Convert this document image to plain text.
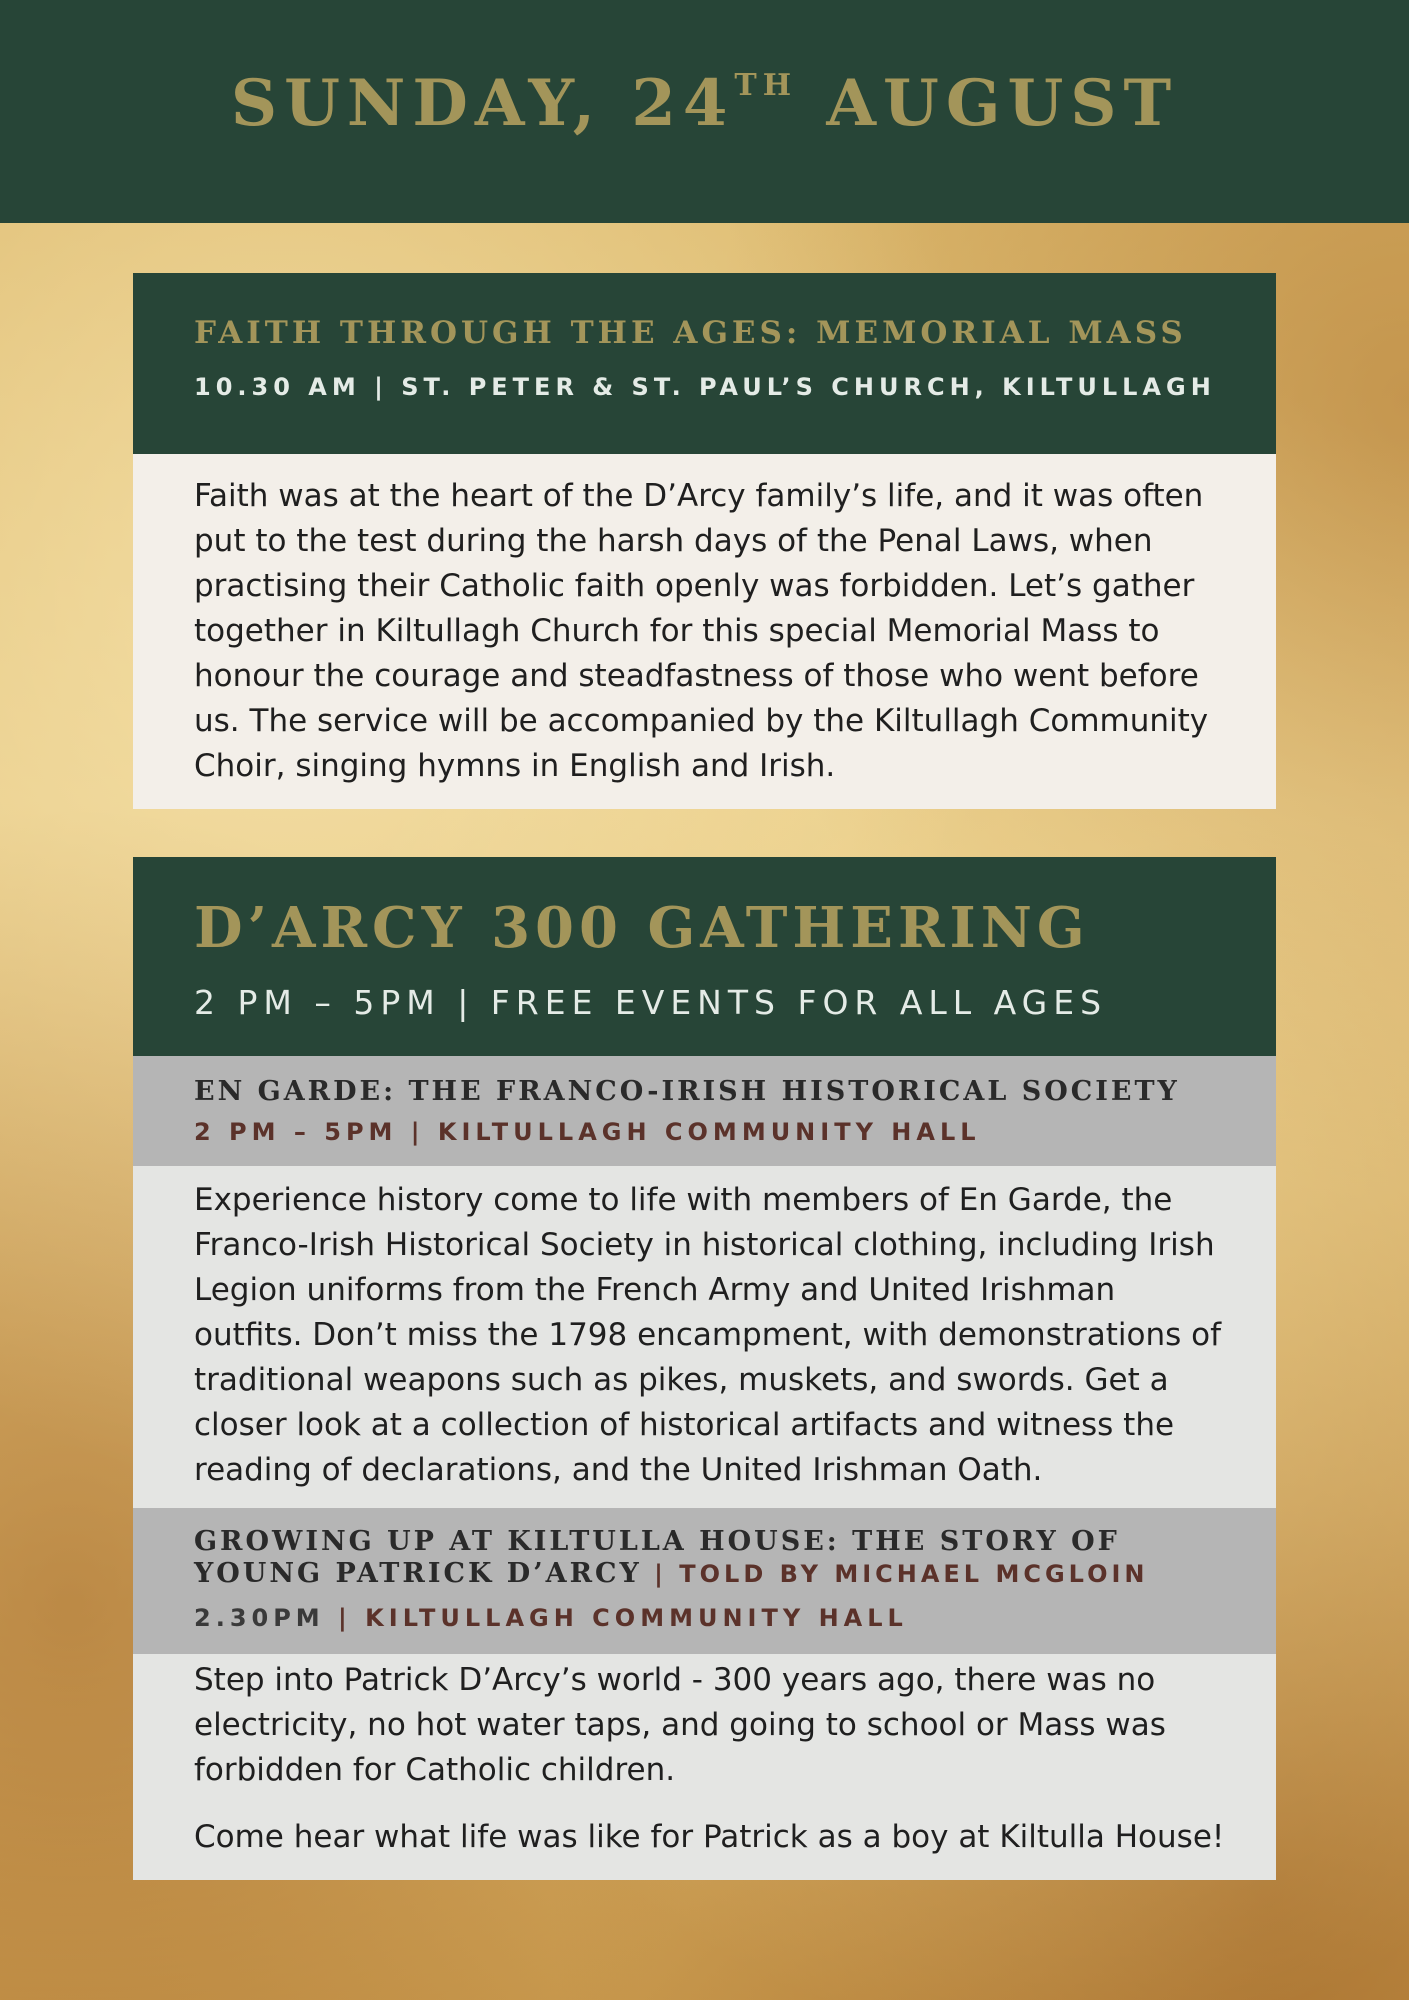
SUNDAY, 24TH AUGUST
FAITH THROUGH THE AGES: MEMORIAL MASS
10.30 AM | ST. PETER & ST. PAUL’S CHURCH, KILTULLAGH
Faith was at the heart of the D’Arcy family’s life, and it was often put to the test during the harsh days of the Penal Laws, when practising their Catholic faith openly was forbidden. Let’s gather together in Kiltullagh Church for this special Memorial Mass to honour the courage and steadfastness of those who went before us. The service will be accompanied by the Kiltullagh Community Choir, singing hymns in English and Irish.
D’ARCY 300 GATHERING
2 PM – 5PM | FREE EVENTS FOR ALL AGES
EN GARDE: THE FRANCO-IRISH HISTORICAL SOCIETY
2 PM – 5PM | KILTULLAGH COMMUNITY HALL
Experience history come to life with members of En Garde, the Franco-Irish Historical Society in historical clothing, including Irish Legion uniforms from the French Army and United Irishman outfits. Don’t miss the 1798 encampment, with demonstrations of traditional weapons such as pikes, muskets, and swords. Get a closer look at a collection of historical artifacts and witness the reading of declarations, and the United Irishman Oath.
GROWING UP AT KILTULLA HOUSE: THE STORY OF
YOUNG PATRICK D’ARCY | TOLD BY MICHAEL MCGLOIN
2.30PM | KILTULLAGH COMMUNITY HALL

Step into Patrick D’Arcy’s world - 300 years ago, there was no electricity, no hot water taps, and going to school or Mass was forbidden for Catholic children.

Come hear what life was like for Patrick as a boy at Kiltulla House!
